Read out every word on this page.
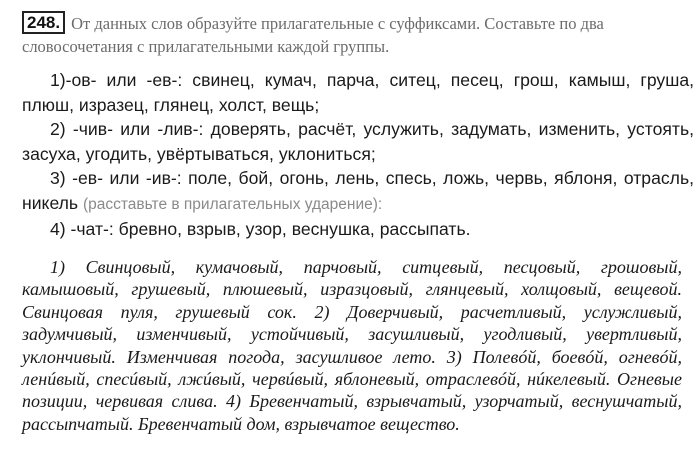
248. От данных слов образуйте прилагательные с суффиксами. Составьте по два словосочетания с прилагательными каждой группы.

1)-ов- или -ев-: свинец, кумач, парча, ситец, песец, грош, камыш, груша, плюш, изразец, глянец, холст, вещь;

2) -чив- или -лив-: доверять, расчёт, услужить, задумать, изменить, устоять, засуха, угодить, увёртываться, уклониться;

3) -ев- или -ив-: поле, бой, огонь, лень, спесь, ложь, червь, яблоня, отрасль, никель (расставьте в прилагательных ударение):

4) -чат-: бревно, взрыв, узор, веснушка, рассыпать.

1) Свинцовый, кумачовый, парчовый, ситцевый, песцовый, грошовый, камышовый, грушевый, плюшевый, изразцовый, глянцевый, холщовый, вещевой. Свинцовая пуля, грушевый сок. 2) Доверчивый, расчетливый, услужливый, задумчивый, изменчивый, устойчивый, засушливый, угодливый, увертливый, уклончивый. Изменчивая погода, засушливое лето. 3) Полевóй, боевóй, огневóй, ленúвый, спесúвый, лжúвый, червúвый, яблоневый, отраслевóй, нúкелевый. Огневые позиции, червивая слива. 4) Бревенчатый, взрывчатый, узорчатый, веснушчатый, рассыпчатый. Бревенчатый дом, взрывчатое вещество.
